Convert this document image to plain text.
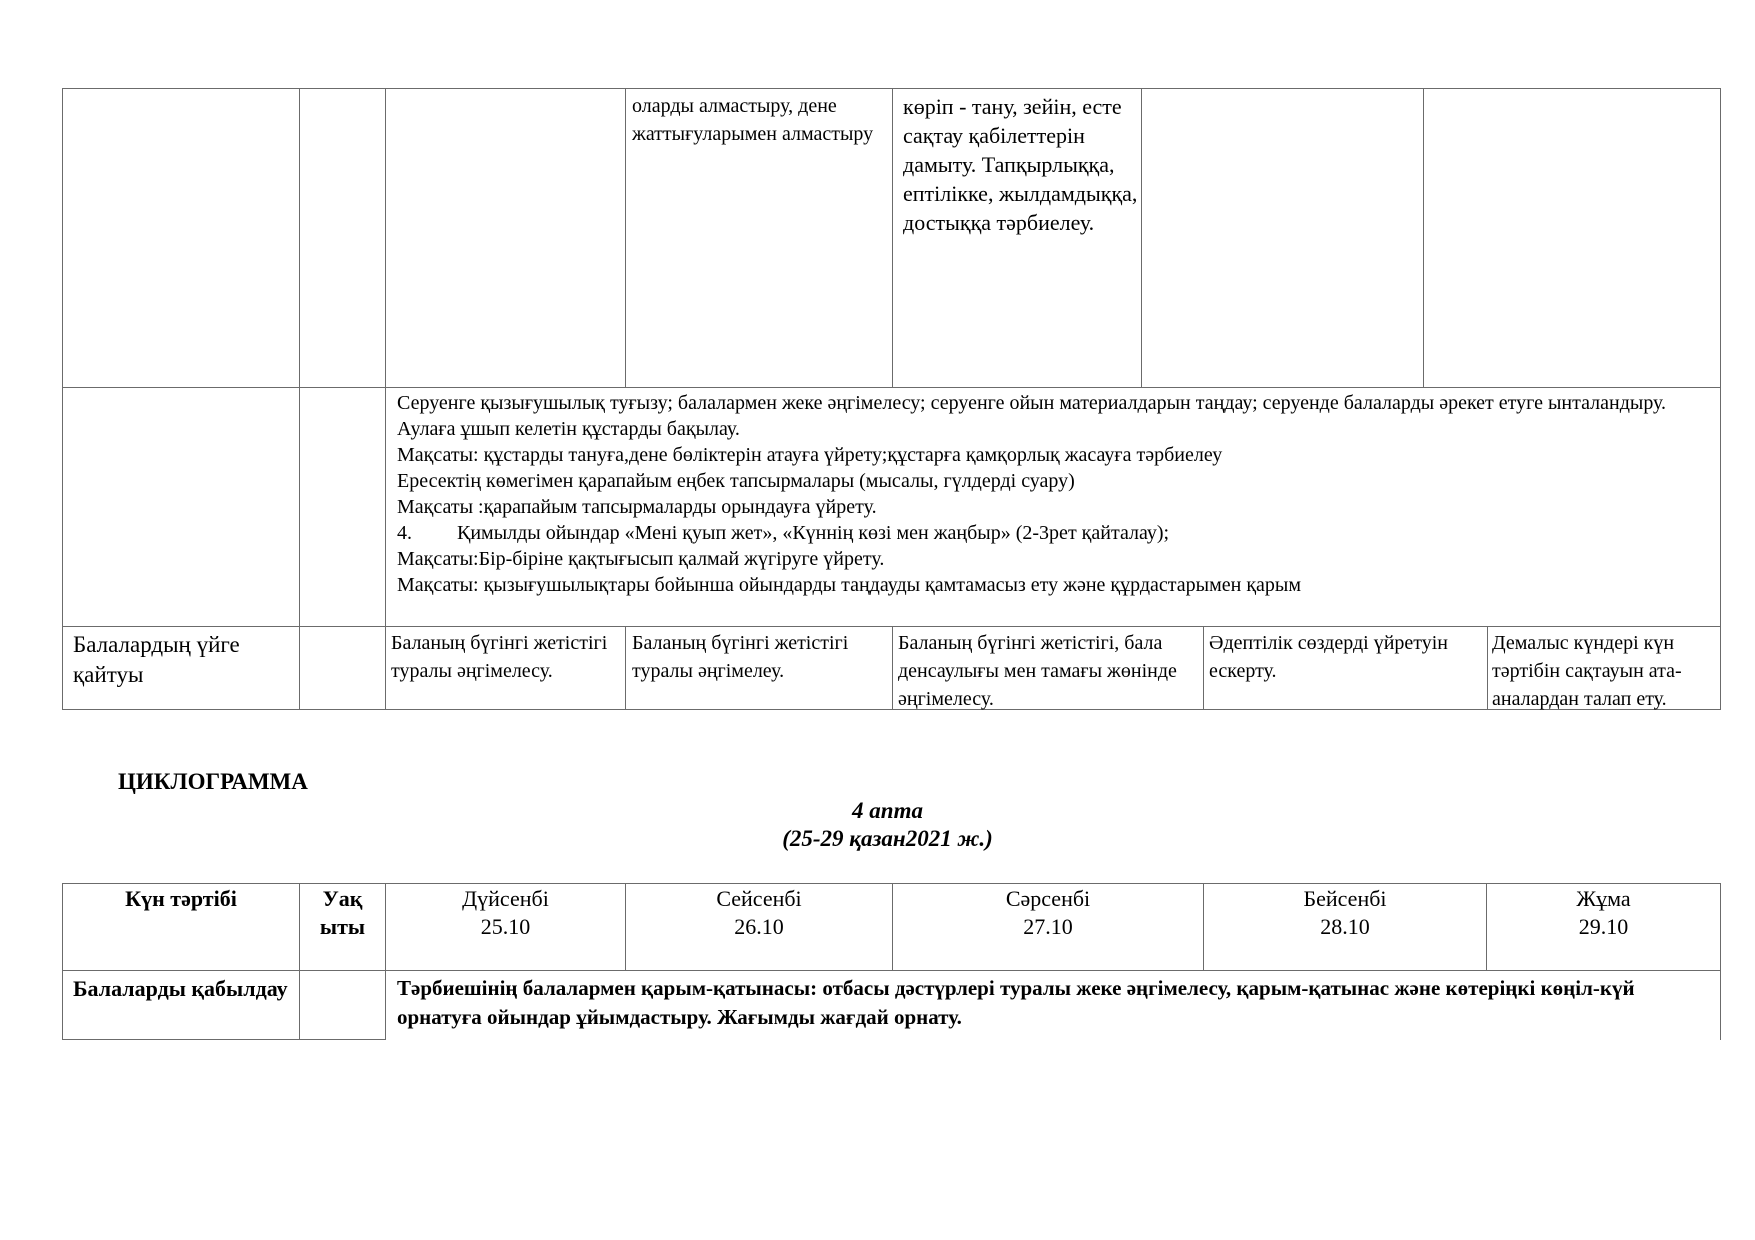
оларды алмастыру, дене жаттығуларымен алмастыру
көріп - тану, зейін, есте сақтау қабілеттерін дамыту. Тапқырлыққа, ептілікке, жылдамдыққа, достыққа тәрбиелеу.

Серуенге қызығушылық туғызу; балалармен жеке әңгімелесу; серуенге ойын материалдарын таңдау; серуенде балаларды әрекет етуге ынталандыру.

Аулаға ұшып келетін құстарды бақылау.

Мақсаты: құстарды тануға,дене бөліктерін атауға үйрету;құстарға қамқорлық жасауға тәрбиелеу

Ересектің көмегімен қарапайым еңбек тапсырмалары (мысалы, гүлдерді суару)

Мақсаты :қарапайым тапсырмаларды орындауға үйрету.

4.         Қимылды ойындар «Мені қуып жет», «Күннің көзі мен жаңбыр» (2-3рет қайталау);

Мақсаты:Бір-біріне қақтығысып қалмай жүгіруге үйрету.

Мақсаты: қызығушылықтары бойынша ойындарды таңдауды қамтамасыз ету және құрдастарымен қарым

Балалардың үйге қайтуы
Баланың бүгінгі жетістігі туралы әңгімелесу.
Баланың бүгінгі жетістігі туралы әңгімелеу.
Баланың бүгінгі жетістігі, бала денсаулығы мен тамағы жөнінде әңгімелесу.
Әдептілік сөздерді үйретуін ескерту.
Демалыс күндері күн тәртібін сақтауын ата-аналардан талап ету.
ЦИКЛОГРАММА
4 апта
(25-29 қазан2021 ж.)
Күн тәртібі	Уақ
ыты
Дүйсенбі
25.10
Сейсенбі
26.10
Сәрсенбі
27.10
Бейсенбі
28.10
Жұма
29.10
Балаларды қабылдау	Тәрбиешінің балалармен қарым-қатынасы: отбасы дәстүрлері туралы жеке әңгімелесу, қарым-қатынас және көтеріңкі көңіл-күй орнатуға ойындар ұйымдастыру. Жағымды жағдай орнату.
